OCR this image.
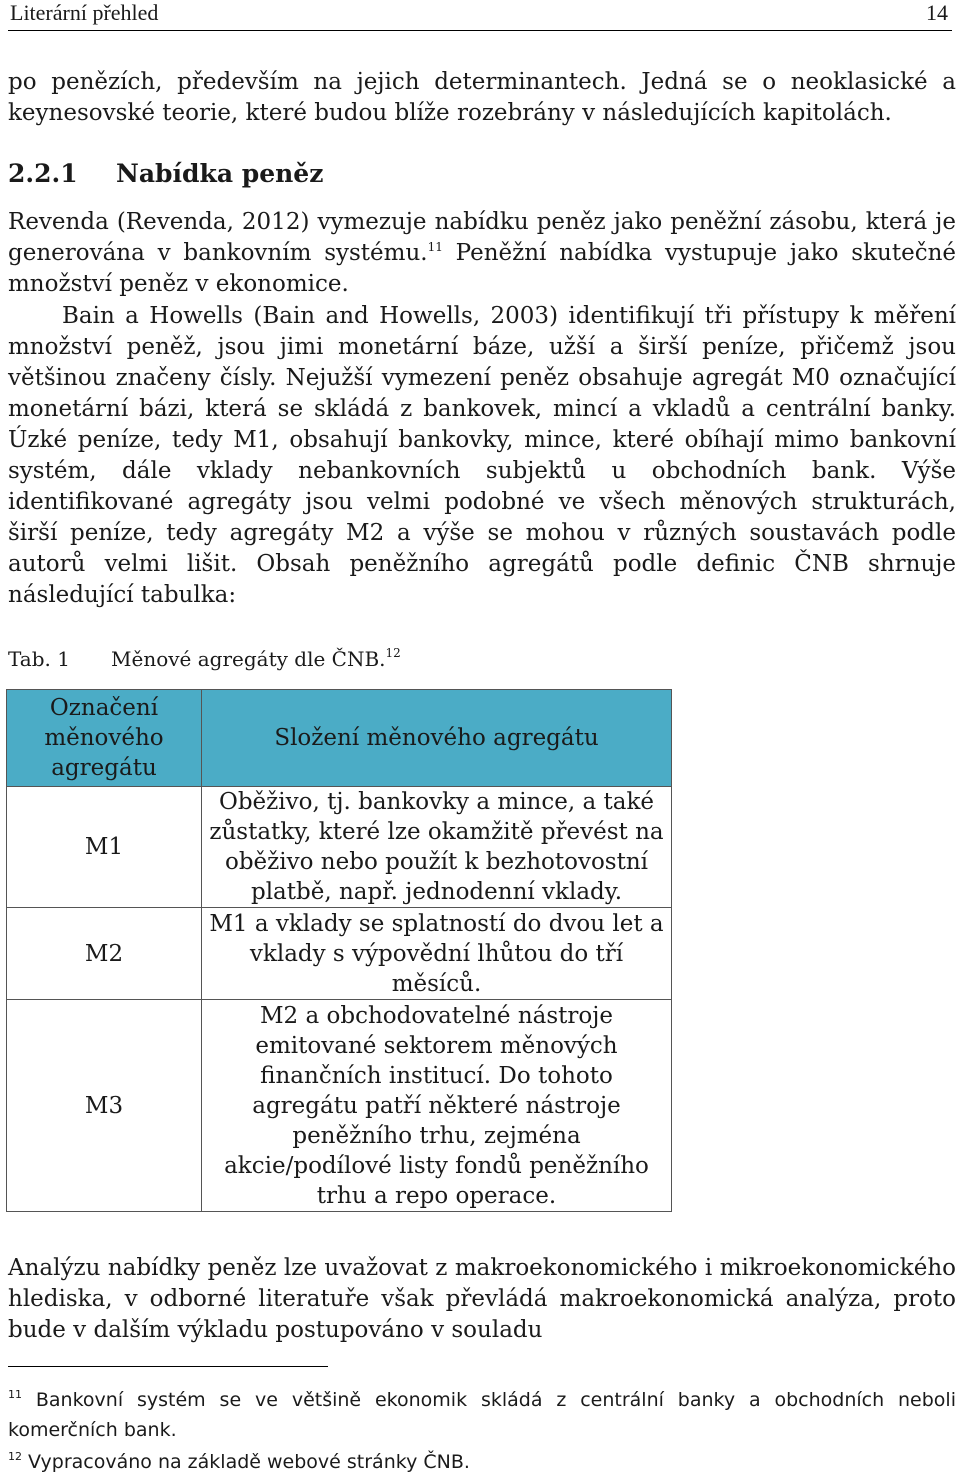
Literární přehled	14

po penězích, především na jejich determinantech. Jedná se o neoklasické a keynesovské teorie, které budou blíže rozebrány v následujících kapitolách.

2.2.1 Nabídka peněz

Revenda (Revenda, 2012) vymezuje nabídku peněz jako peněžní zásobu, která je generována v bankovním systému.$^{11}$ Peněžní nabídka vystupuje jako skutečné množství peněz v ekonomice.

Bain a Howells (Bain and Howells, 2003) identifikují tři přístupy k měření množství peněž, jsou jimi monetární báze, užší a širší peníze, přičemž jsou většinou značeny čísly. Nejužší vymezení peněz obsahuje agregát M0 označující monetární bázi, která se skládá z bankovek, mincí a vkladů a centrální banky. Úzké peníze, tedy M1, obsahují bankovky, mince, které obíhají mimo bankovní systém, dále vklady nebankovních subjektů u obchodních bank. Výše identifikované agregáty jsou velmi podobné ve všech měnových strukturách, širší peníze, tedy agregáty M2 a výše se mohou v různých soustavách podle autorů velmi lišit. Obsah peněžního agregátů podle definic ČNB shrnuje následující tabulka:

Tab. 1 Měnové agregáty dle ČNB.$^{12}$
Označení měnového agregátu	Složení měnového agregátu
M1	Oběživo, tj. bankovky a mince, a také zůstatky, které lze okamžitě převést na oběživo nebo použít k bezhotovostní platbě, např. jednodenní vklady.
M2	M1 a vklady se splatností do dvou let a vklady s výpovědní lhůtou do tří měsíců.
M3	M2 a obchodovatelné nástroje emitované sektorem měnových finančních institucí. Do tohoto agregátu patří některé nástroje peněžního trhu, zejména akcie/podílové listy fondů peněžního trhu a repo operace.

Analýzu nabídky peněz lze uvažovat z makroekonomického i mikroekonomického hlediska, v odborné literatuře však převládá makroekonomická analýza, proto bude v dalším výkladu postupováno v souladu

$^{11}$ Bankovní systém se ve většině ekonomik skládá z centrální banky a obchodních neboli komerčních bank.

$^{12}$ Vypracováno na základě webové stránky ČNB.
